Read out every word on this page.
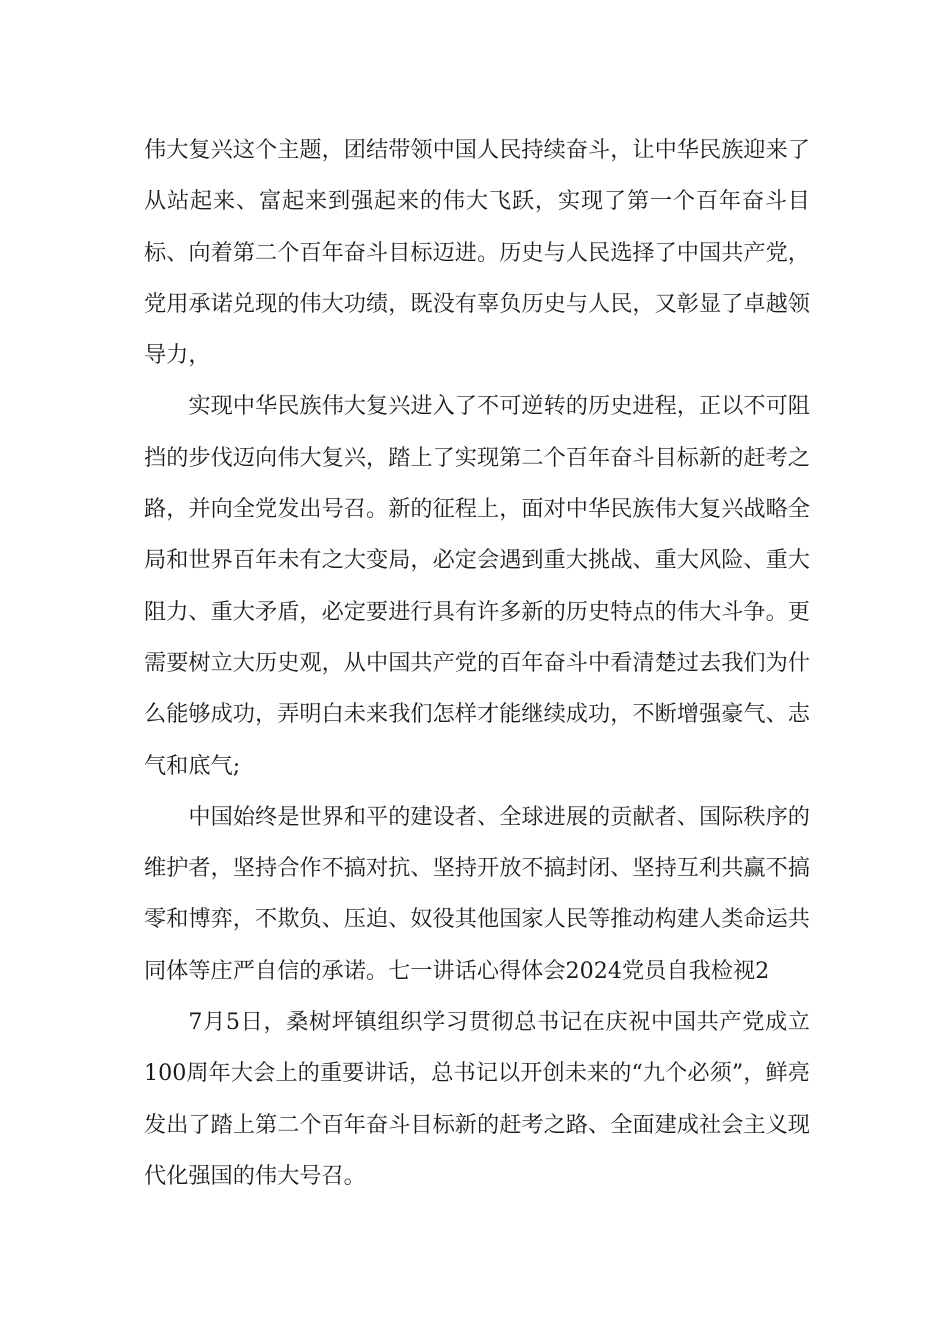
伟大复兴这个主题，团结带领中国人民持续奋斗，让中华民族迎来了从站起来、富起来到强起来的伟大飞跃，实现了第一个百年奋斗目标、向着第二个百年奋斗目标迈进。历史与人民选择了中国共产党，党用承诺兑现的伟大功绩，既没有辜负历史与人民，又彰显了卓越领导力，

实现中华民族伟大复兴进入了不可逆转的历史进程，正以不可阻挡的步伐迈向伟大复兴，踏上了实现第二个百年奋斗目标新的赶考之路，并向全党发出号召。新的征程上，面对中华民族伟大复兴战略全局和世界百年未有之大变局，必定会遇到重大挑战、重大风险、重大阻力、重大矛盾，必定要进行具有许多新的历史特点的伟大斗争。更需要树立大历史观，从中国共产党的百年奋斗中看清楚过去我们为什么能够成功，弄明白未来我们怎样才能继续成功，不断增强豪气、志气和底气;

中国始终是世界和平的建设者、全球进展的贡献者、国际秩序的维护者，坚持合作不搞对抗、坚持开放不搞封闭、坚持互利共赢不搞零和博弈，不欺负、压迫、奴役其他国家人民等推动构建人类命运共同体等庄严自信的承诺。七一讲话心得体会2024党员自我检视2

7月5日，桑树坪镇组织学习贯彻总书记在庆祝中国共产党成立100周年大会上的重要讲话，总书记以开创未来的“九个必须”，鲜亮发出了踏上第二个百年奋斗目标新的赶考之路、全面建成社会主义现代化强国的伟大号召。
